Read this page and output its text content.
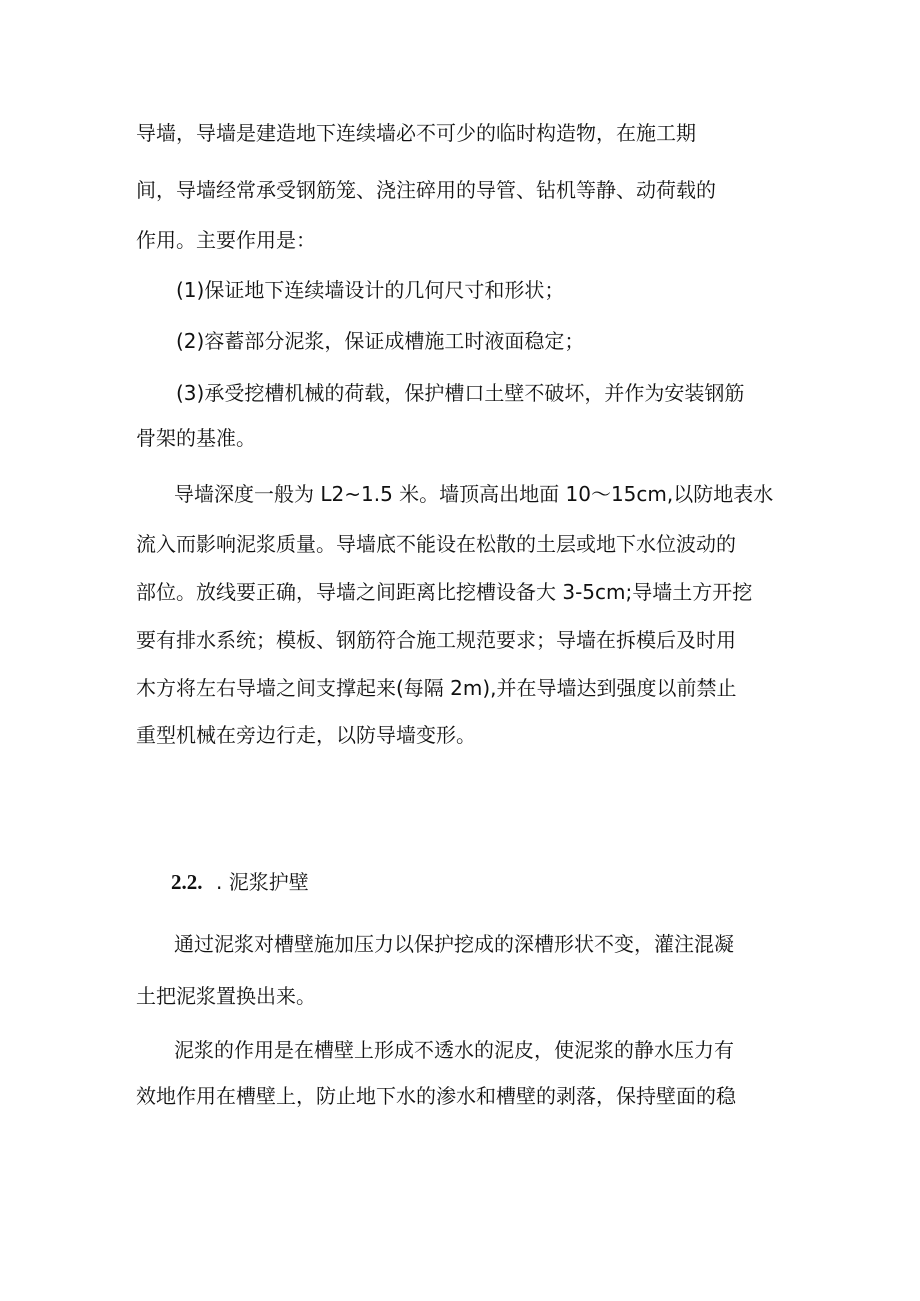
导墙，导墙是建造地下连续墙必不可少的临时构造物，在施工期
间，导墙经常承受钢筋笼、浇注碎用的导管、钻机等静、动荷载的
作用。主要作用是：
(1)保证地下连续墙设计的几何尺寸和形状；
(2)容蓄部分泥浆，保证成槽施工时液面稳定；
(3)承受挖槽机械的荷载，保护槽口土壁不破坏，并作为安装钢筋
骨架的基准。
导墙深度一般为 L2~1.5 米。墙顶高出地面 10～15cm,以防地表水
流入而影响泥浆质量。导墙底不能设在松散的土层或地下水位波动的
部位。放线要正确，导墙之间距离比挖槽设备大 3-5cm;导墙土方开挖
要有排水系统；模板、钢筋符合施工规范要求；导墙在拆模后及时用
木方将左右导墙之间支撑起来(每隔 2m),并在导墙达到强度以前禁止
重型机械在旁边行走，以防导墙变形。
2.2. . 泥浆护壁
通过泥浆对槽壁施加压力以保护挖成的深槽形状不变，灌注混凝
土把泥浆置换出来。
泥浆的作用是在槽壁上形成不透水的泥皮，使泥浆的静水压力有
效地作用在槽壁上，防止地下水的渗水和槽壁的剥落，保持壁面的稳
